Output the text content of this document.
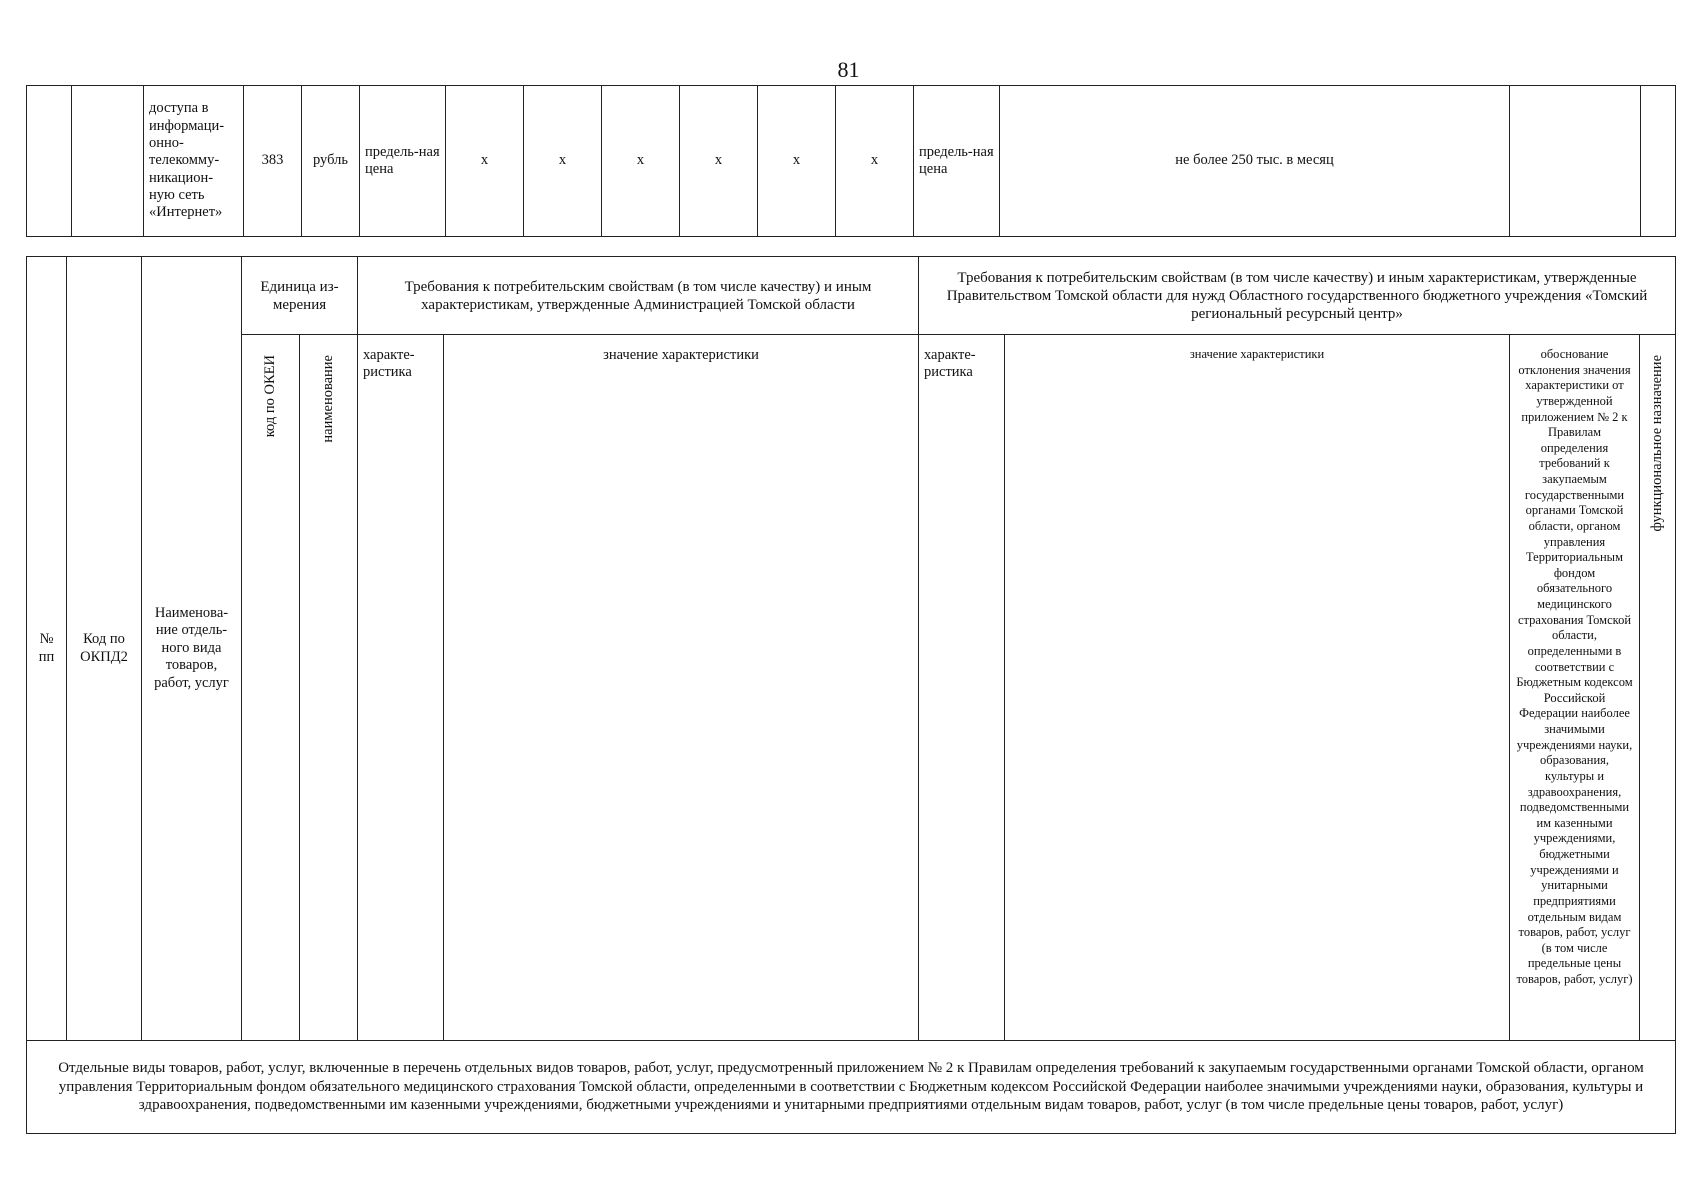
81
		доступа в информаци-онно-телекомму-никацион-ную сеть «Интернет»	383	рубль	предель-ная цена	x	x	x	x	x	x	предель-ная цена	не более 250 тыс. в месяц		
№ пп	Код по ОКПД2	Наименова-ние отдель-ного вида товаров, работ, услуг	Единица из-мерения		Требования к потребительским свойствам (в том числе качеству) и иным характеристикам, утвержденные Администрацией Томской области		Требования к потребительским свойствам (в том числе качеству) и иным характеристикам, утвержденные Правительством Томской области для нужд Областного государственного бюджетного учреждения «Томский региональный ресурсный центр»			
			код по ОКЕИ	наименование	характе-ристика	значение характеристики	характе-ристика	значение характеристики	обоснование отклонения значения характеристики от утвержденной приложением № 2 к Правилам определения требований к закупаемым государственными органами Томской области, органом управления Территориальным фондом обязательного медицинского страхования Томской области, определенными в соответствии с Бюджетным кодексом Российской Федерации наиболее значимыми учреждениями науки, образования, культуры и здравоохранения, подведомственными им казенными учреждениями, бюджетными учреждениями и унитарными предприятиями отдельным видам товаров, работ, услуг (в том числе предельные цены товаров, работ, услуг)	функциональное назначение
Отдельные виды товаров, работ, услуг, включенные в перечень отдельных видов товаров, работ, услуг, предусмотренный приложением № 2 к Правилам определения требований к закупаемым государственными органами Томской области, органом управления Территориальным фондом обязательного медицинского страхования Томской области, определенными в соответствии с Бюджетным кодексом Российской Федерации наиболее значимыми учреждениями науки, образования, культуры и здравоохранения, подведомственными им казенными учреждениями, бюджетными учреждениями и унитарными предприятиями отдельным видам товаров, работ, услуг (в том числе предельные цены товаров, работ, услуг)										
